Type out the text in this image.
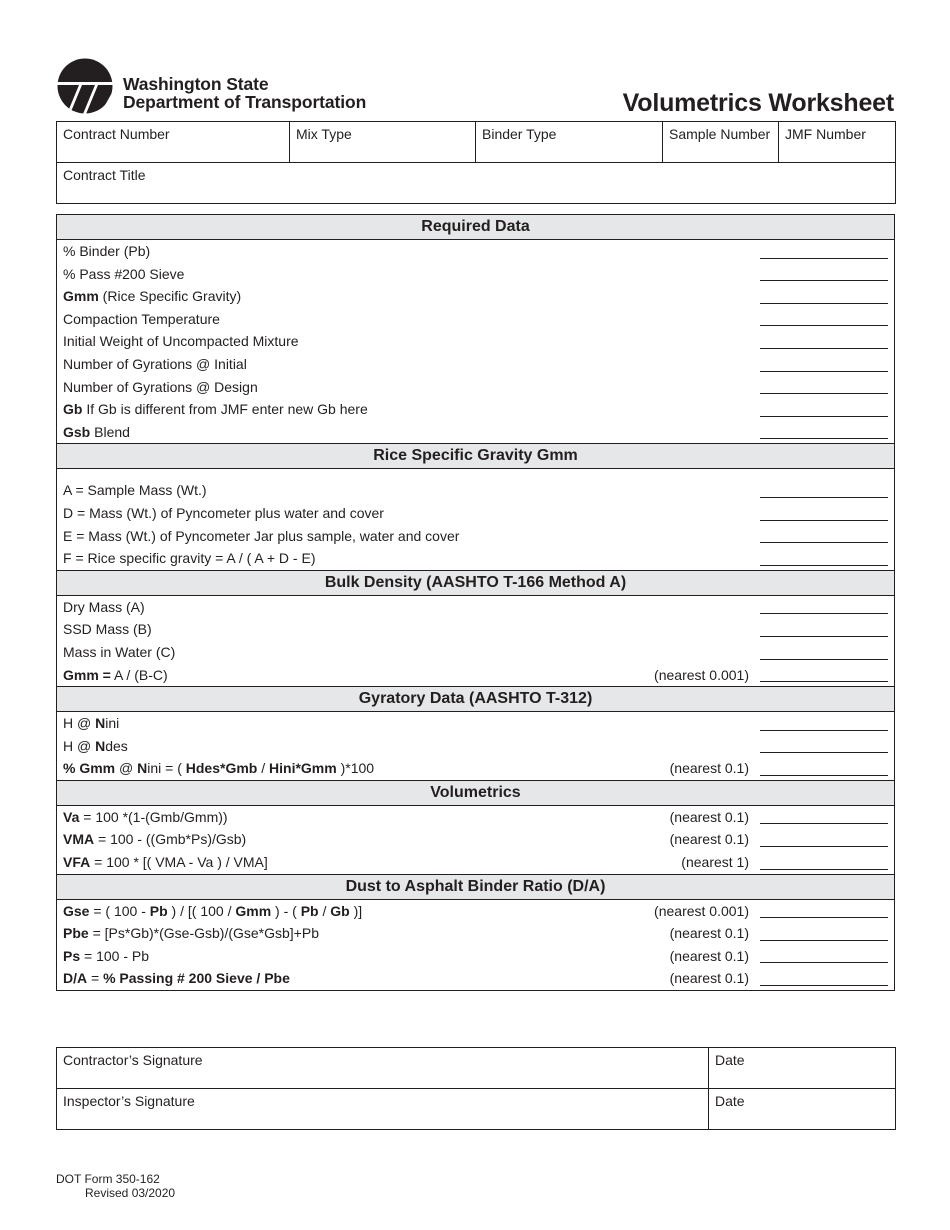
Washington State
Department of Transportation	Volumetrics Worksheet
Contract Number	Mix Type	Binder Type	Sample Number	JMF Number
Contract Title
Required Data
% Binder (Pb)
% Pass #200 Sieve
Gmm (Rice Specific Gravity)
Compaction Temperature
Initial Weight of Uncompacted Mixture
Number of Gyrations @ Initial
Number of Gyrations @ Design
Gb If Gb is different from JMF enter new Gb here
Gsb Blend
Rice Specific Gravity Gmm
A = Sample Mass (Wt.)
D = Mass (Wt.) of Pyncometer plus water and cover
E = Mass (Wt.) of Pyncometer Jar plus sample, water and cover
F = Rice specific gravity = A / ( A + D - E)
Bulk Density (AASHTO T-166 Method A)
Dry Mass (A)
SSD Mass (B)
Mass in Water (C)
Gmm = A / (B-C)	(nearest 0.001)
Gyratory Data (AASHTO T-312)
H @ Nini
H @ Ndes
% Gmm @ Nini = ( Hdes*Gmb / Hini*Gmm )*100	(nearest 0.1)
Volumetrics
Va = 100 *(1-(Gmb/Gmm))	(nearest 0.1)
VMA = 100 - ((Gmb*Ps)/Gsb)	(nearest 0.1)
VFA = 100 * [( VMA - Va ) / VMA]	(nearest 1)
Dust to Asphalt Binder Ratio (D/A)
Gse = ( 100 - Pb ) / [( 100 / Gmm ) - ( Pb / Gb )]	(nearest 0.001)
Pbe = [Ps*Gb)*(Gse-Gsb)/(Gse*Gsb]+Pb	(nearest 0.1)
Ps = 100 - Pb	(nearest 0.1)
D/A = % Passing # 200 Sieve / Pbe	(nearest 0.1)
Contractor’s Signature	Date
Inspector’s Signature	Date
DOT Form 350-162
Revised 03/2020
